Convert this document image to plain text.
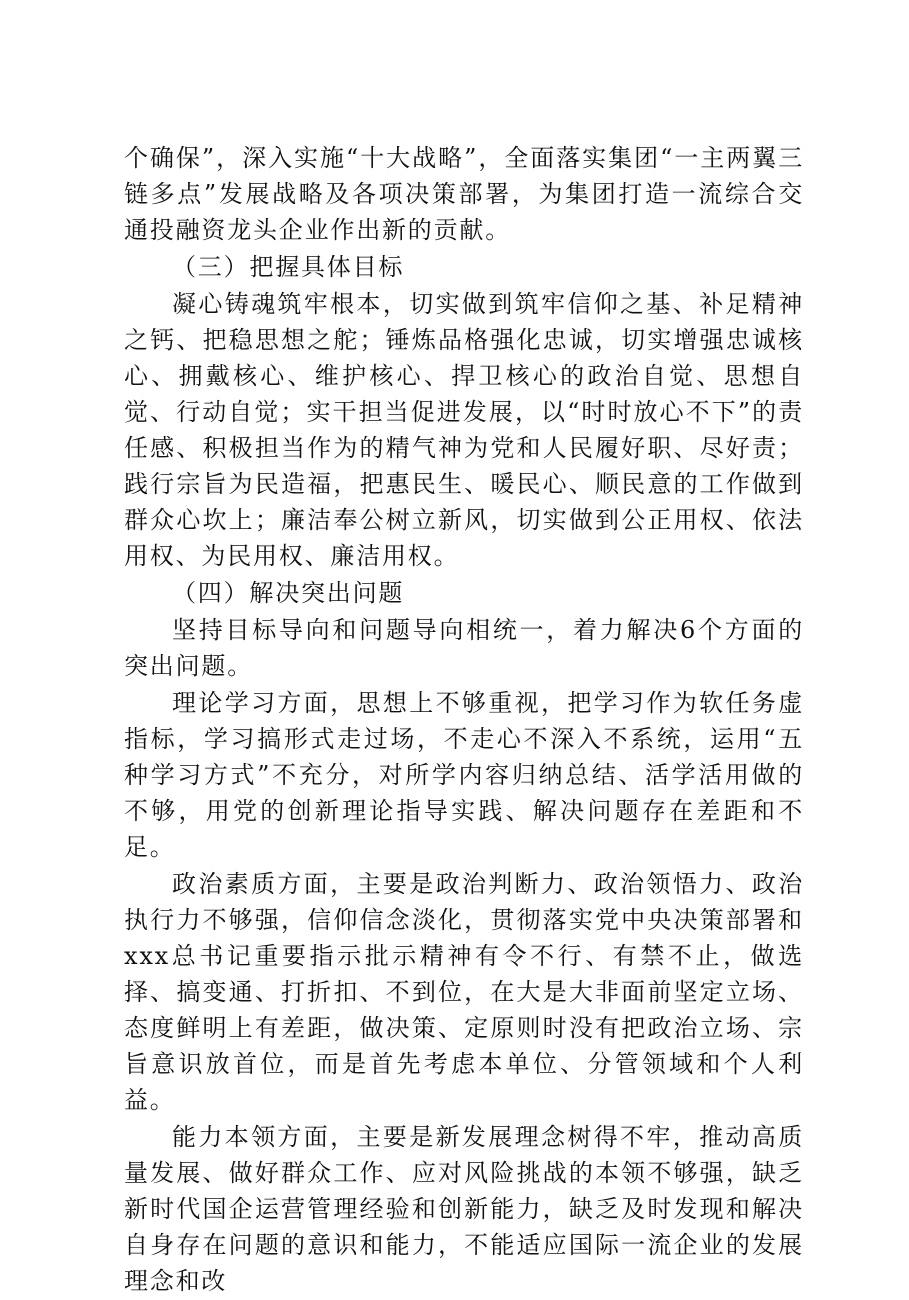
个确保”，深入实施“十大战略”，全面落实集团“一主两翼三链多点”发展战略及各项决策部署，为集团打造一流综合交通投融资龙头企业作出新的贡献。

（三）把握具体目标

凝心铸魂筑牢根本，切实做到筑牢信仰之基、补足精神之钙、把稳思想之舵；锤炼品格强化忠诚，切实增强忠诚核心、拥戴核心、维护核心、捍卫核心的政治自觉、思想自觉、行动自觉；实干担当促进发展，以“时时放心不下”的责任感、积极担当作为的精气神为党和人民履好职、尽好责；践行宗旨为民造福，把惠民生、暖民心、顺民意的工作做到群众心坎上；廉洁奉公树立新风，切实做到公正用权、依法用权、为民用权、廉洁用权。

（四）解决突出问题

坚持目标导向和问题导向相统一，着力解决6个方面的突出问题。

理论学习方面，思想上不够重视，把学习作为软任务虚指标，学习搞形式走过场，不走心不深入不系统，运用“五种学习方式”不充分，对所学内容归纳总结、活学活用做的不够，用党的创新理论指导实践、解决问题存在差距和不足。

政治素质方面，主要是政治判断力、政治领悟力、政治执行力不够强，信仰信念淡化，贯彻落实党中央决策部署和xxx总书记重要指示批示精神有令不行、有禁不止，做选择、搞变通、打折扣、不到位，在大是大非面前坚定立场、态度鲜明上有差距，做决策、定原则时没有把政治立场、宗旨意识放首位，而是首先考虑本单位、分管领域和个人利益。

能力本领方面，主要是新发展理念树得不牢，推动高质量发展、做好群众工作、应对风险挑战的本领不够强，缺乏新时代国企运营管理经验和创新能力，缺乏及时发现和解决自身存在问题的意识和能力，不能适应国际一流企业的发展理念和改
